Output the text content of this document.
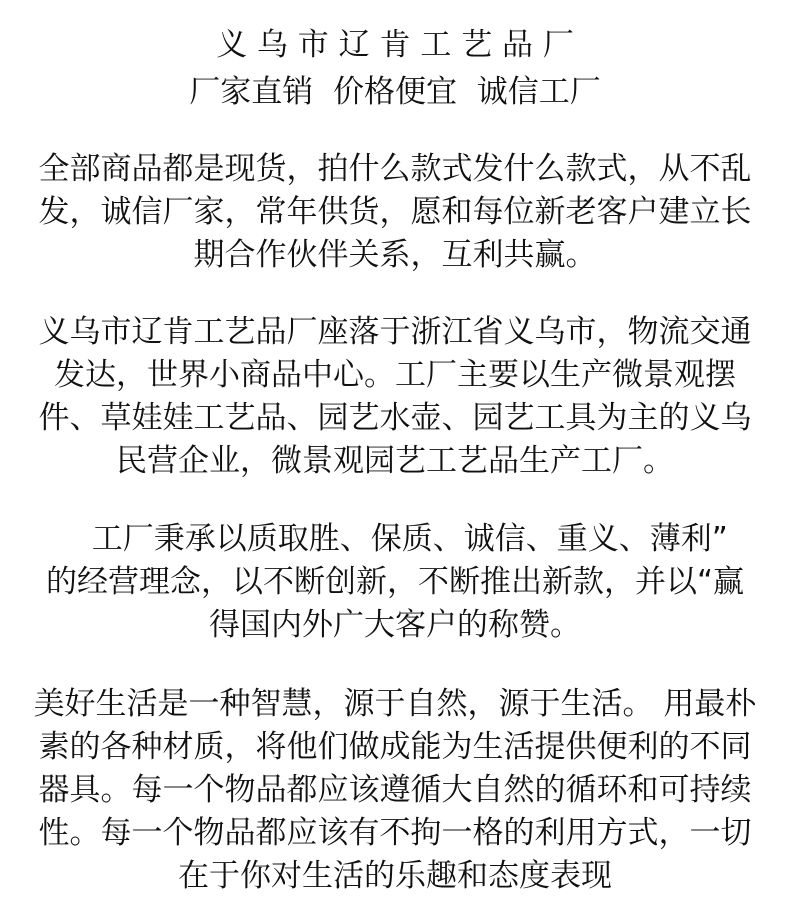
义 乌 市 辽 肯 工 艺 品 厂
厂家直销  价格便宜  诚信工厂
全部商品都是现货，拍什么款式发什么款式，从不乱
发，诚信厂家，常年供货，愿和每位新老客户建立长
期合作伙伴关系，互利共赢。
义乌市辽肯工艺品厂座落于浙江省义乌市，物流交通
发达，世界小商品中心。工厂主要以生产微景观摆
件、草娃娃工艺品、园艺水壶、园艺工具为主的义乌
民营企业，微景观园艺工艺品生产工厂。
工厂秉承以质取胜、保质、诚信、重义、薄利”
的经营理念，以不断创新，不断推出新款，并以“赢
得国内外广大客户的称赞。
美好生活是一种智慧，源于自然，源于生活。 用最朴
素的各种材质，将他们做成能为生活提供便利的不同
器具。每一个物品都应该遵循大自然的循环和可持续
性。每一个物品都应该有不拘一格的利用方式，一切
在于你对生活的乐趣和态度表现
